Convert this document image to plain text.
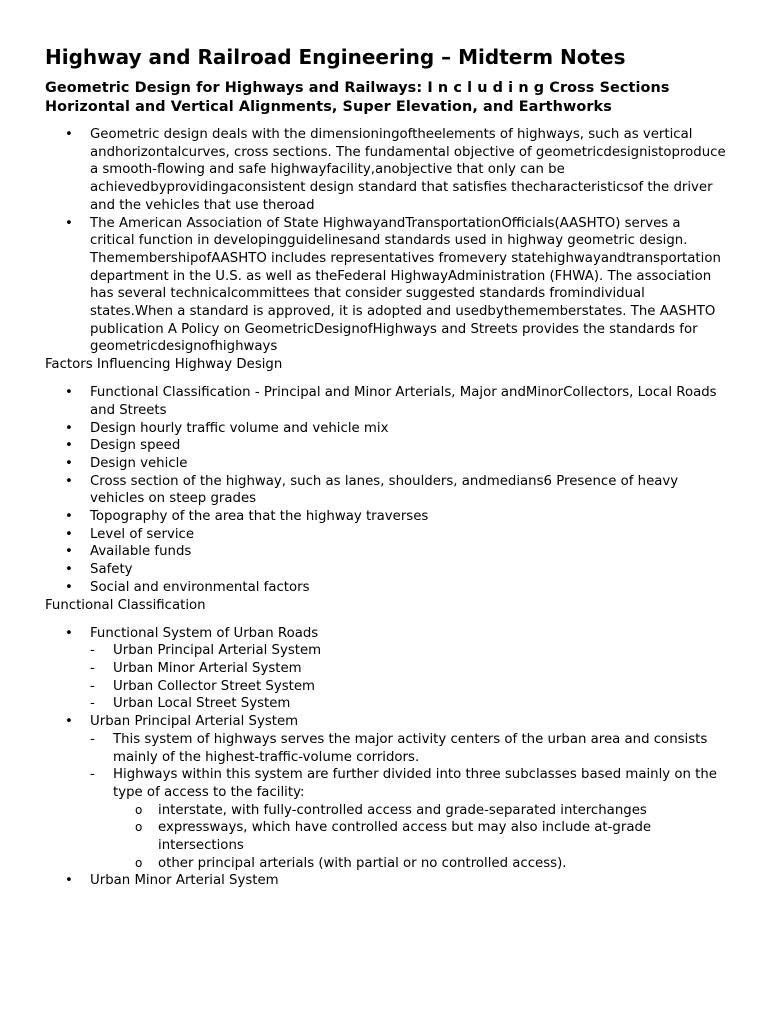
Highway and Railroad Engineering – Midterm Notes
Geometric Design for Highways and Railways: I n c l u d i n g Cross Sections Horizontal and Vertical Alignments, Super Elevation, and Earthworks
• Geometric design deals with the dimensioningoftheelements of highways, such as vertical andhorizontalcurves, cross sections. The fundamental objective of geometricdesignistoproduce a smooth-flowing and safe highwayfacility,anobjective that only can be achievedbyprovidingaconsistent design standard that satisfies thecharacteristicsof the driver and the vehicles that use theroad
• The American Association of State HighwayandTransportationOfficials(AASHTO) serves a critical function in developingguidelinesand standards used in highway geometric design. ThemembershipofAASHTO includes representatives fromevery statehighwayandtransportation department in the U.S. as well as theFederal HighwayAdministration (FHWA). The association has several technicalcommittees that consider suggested standards fromindividual states.When a standard is approved, it is adopted and usedbythememberstates. The AASHTO publication A Policy on GeometricDesignofHighways and Streets provides the standards for geometricdesignofhighways

Factors Influencing Highway Design

• Functional Classification - Principal and Minor Arterials, Major andMinorCollectors, Local Roads and Streets
• Design hourly traffic volume and vehicle mix
• Design speed
• Design vehicle
• Cross section of the highway, such as lanes, shoulders, andmedians6 Presence of heavy vehicles on steep grades
• Topography of the area that the highway traverses
• Level of service
• Available funds
• Safety
• Social and environmental factors

Functional Classification

• Functional System of Urban Roads
- Urban Principal Arterial System
- Urban Minor Arterial System
- Urban Collector Street System
- Urban Local Street System
• Urban Principal Arterial System
- This system of highways serves the major activity centers of the urban area and consists mainly of the highest-traffic-volume corridors.
- Highways within this system are further divided into three subclasses based mainly on the type of access to the facility:
o interstate, with fully-controlled access and grade-separated interchanges
o expressways, which have controlled access but may also include at-grade intersections
o other principal arterials (with partial or no controlled access).
• Urban Minor Arterial System
